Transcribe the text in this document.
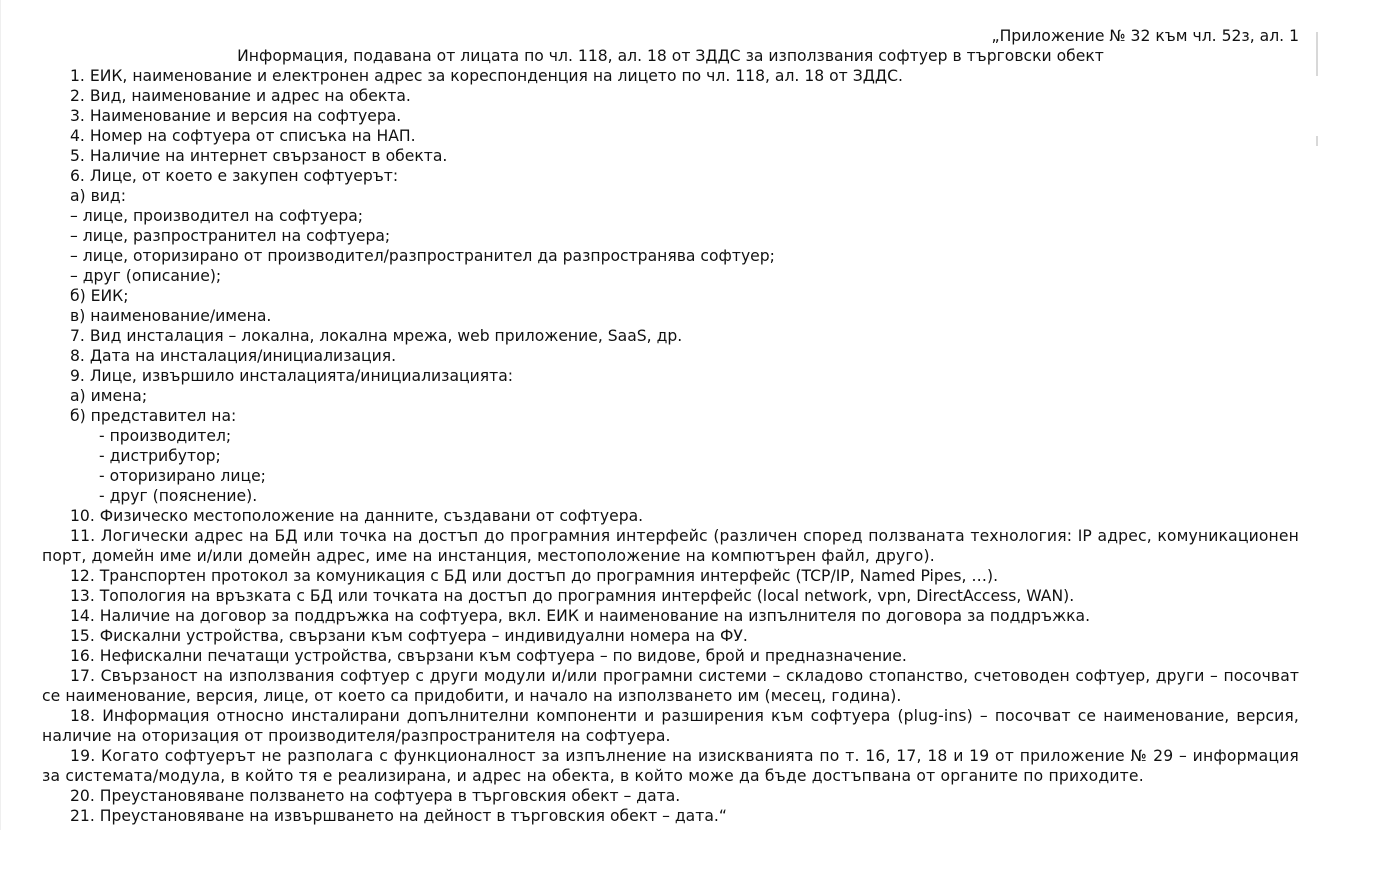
„Приложение № 32 към чл. 52з, ал. 1
Информация, подавана от лицата по чл. 118, ал. 18 от ЗДДС за използвания софтуер в търговски обект
1. ЕИК, наименование и електронен адрес за кореспонденция на лицето по чл. 118, ал. 18 от ЗДДС.
2. Вид, наименование и адрес на обекта.
3. Наименование и версия на софтуера.
4. Номер на софтуера от списъка на НАП.
5. Наличие на интернет свързаност в обекта.
6. Лице, от което е закупен софтуерът:
а) вид:
– лице, производител на софтуера;
– лице, разпространител на софтуера;
– лице, оторизирано от производител/разпространител да разпространява софтуер;
– друг (описание);
б) ЕИК;
в) наименование/имена.
7. Вид инсталация – локална, локална мрежа, web приложение, SaaS, др.
8. Дата на инсталация/инициализация.
9. Лице, извършило инсталацията/инициализацията:
а) имена;
б) представител на:
- производител;
- дистрибутор;
- оторизирано лице;
- друг (пояснение).
10. Физическо местоположение на данните, създавани от софтуера.
11. Логически адрес на БД или точка на достъп до програмния интерфейс (различен според ползваната технология: IP адрес, комуникационен порт, домейн име и/или домейн адрес, име на инстанция, местоположение на компютърен файл, друго).
12. Транспортен протокол за комуникация с БД или достъп до програмния интерфейс (TCP/IP, Named Pipes, …).
13. Топология на връзката с БД или точката на достъп до програмния интерфейс (local network, vpn, DirectAccess, WAN).
14. Наличие на договор за поддръжка на софтуера, вкл. ЕИК и наименование на изпълнителя по договора за поддръжка.
15. Фискални устройства, свързани към софтуера – индивидуални номера на ФУ.
16. Нефискални печатащи устройства, свързани към софтуера – по видове, брой и предназначение.
17. Свързаност на използвания софтуер с други модули и/или програмни системи – складово стопанство, счетоводен софтуер, други – посочват се наименование, версия, лице, от което са придобити, и начало на използването им (месец, година).
18. Информация относно инсталирани допълнителни компоненти и разширения към софтуера (plug-ins) – посочват се наименование, версия, наличие на оторизация от производителя/разпространителя на софтуера.
19. Когато софтуерът не разполага с функционалност за изпълнение на изискванията по т. 16, 17, 18 и 19 от приложение № 29 – информация за системата/модула, в който тя е реализирана, и адрес на обекта, в който може да бъде достъпвана от органите по приходите.
20. Преустановяване ползването на софтуера в търговския обект – дата.
21. Преустановяване на извършването на дейност в търговския обект – дата.“
